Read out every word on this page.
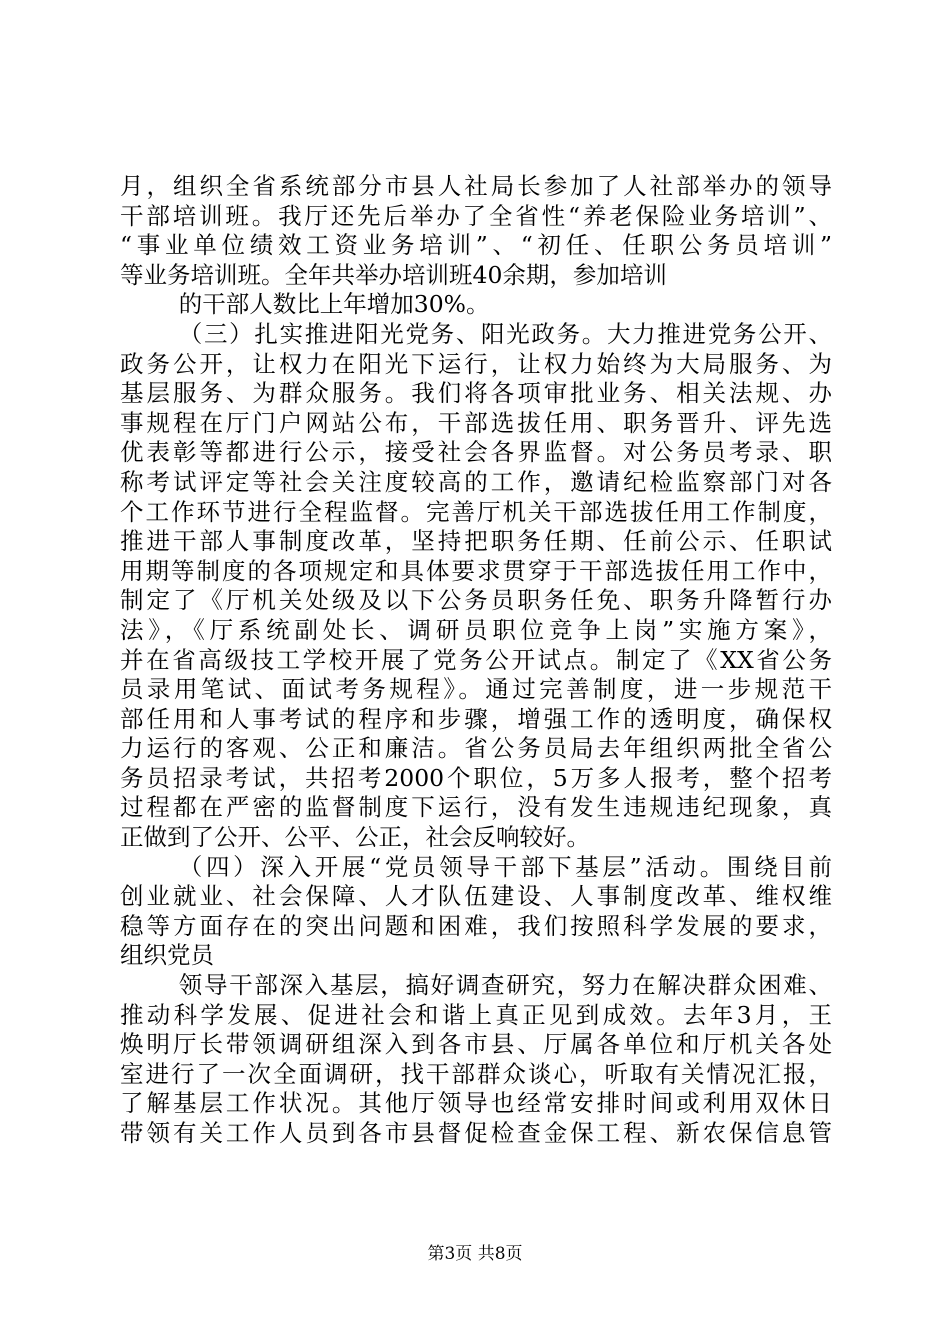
月，组织全省系统部分市县人社局长参加了人社部举办的领导
干部培训班。我厅还先后举办了全省性“养老保险业务培训”、
“事业单位绩效工资业务培训”、“初任、任职公务员培训”
等业务培训班。全年共举办培训班40余期，参加培训
的干部人数比上年增加30%。
（三）扎实推进阳光党务、阳光政务。大力推进党务公开、
政务公开，让权力在阳光下运行，让权力始终为大局服务、为
基层服务、为群众服务。我们将各项审批业务、相关法规、办
事规程在厅门户网站公布，干部选拔任用、职务晋升、评先选
优表彰等都进行公示，接受社会各界监督。对公务员考录、职
称考试评定等社会关注度较高的工作，邀请纪检监察部门对各
个工作环节进行全程监督。完善厅机关干部选拔任用工作制度，
推进干部人事制度改革，坚持把职务任期、任前公示、任职试
用期等制度的各项规定和具体要求贯穿于干部选拔任用工作中，
制定了《厅机关处级及以下公务员职务任免、职务升降暂行办
法》，《厅系统副处长、调研员职位竞争上岗”实施方案》，
并在省高级技工学校开展了党务公开试点。制定了《XX省公务
员录用笔试、面试考务规程》。通过完善制度，进一步规范干
部任用和人事考试的程序和步骤，增强工作的透明度，确保权
力运行的客观、公正和廉洁。省公务员局去年组织两批全省公
务员招录考试，共招考2000个职位，5万多人报考，整个招考
过程都在严密的监督制度下运行，没有发生违规违纪现象，真
正做到了公开、公平、公正，社会反响较好。
（四）深入开展“党员领导干部下基层”活动。围绕目前
创业就业、社会保障、人才队伍建设、人事制度改革、维权维
稳等方面存在的突出问题和困难，我们按照科学发展的要求，
组织党员
领导干部深入基层，搞好调查研究，努力在解决群众困难、
推动科学发展、促进社会和谐上真正见到成效。去年3月，王
焕明厅长带领调研组深入到各市县、厅属各单位和厅机关各处
室进行了一次全面调研，找干部群众谈心，听取有关情况汇报，
了解基层工作状况。其他厅领导也经常安排时间或利用双休日
带领有关工作人员到各市县督促检查金保工程、新农保信息管
第3页 共8页
